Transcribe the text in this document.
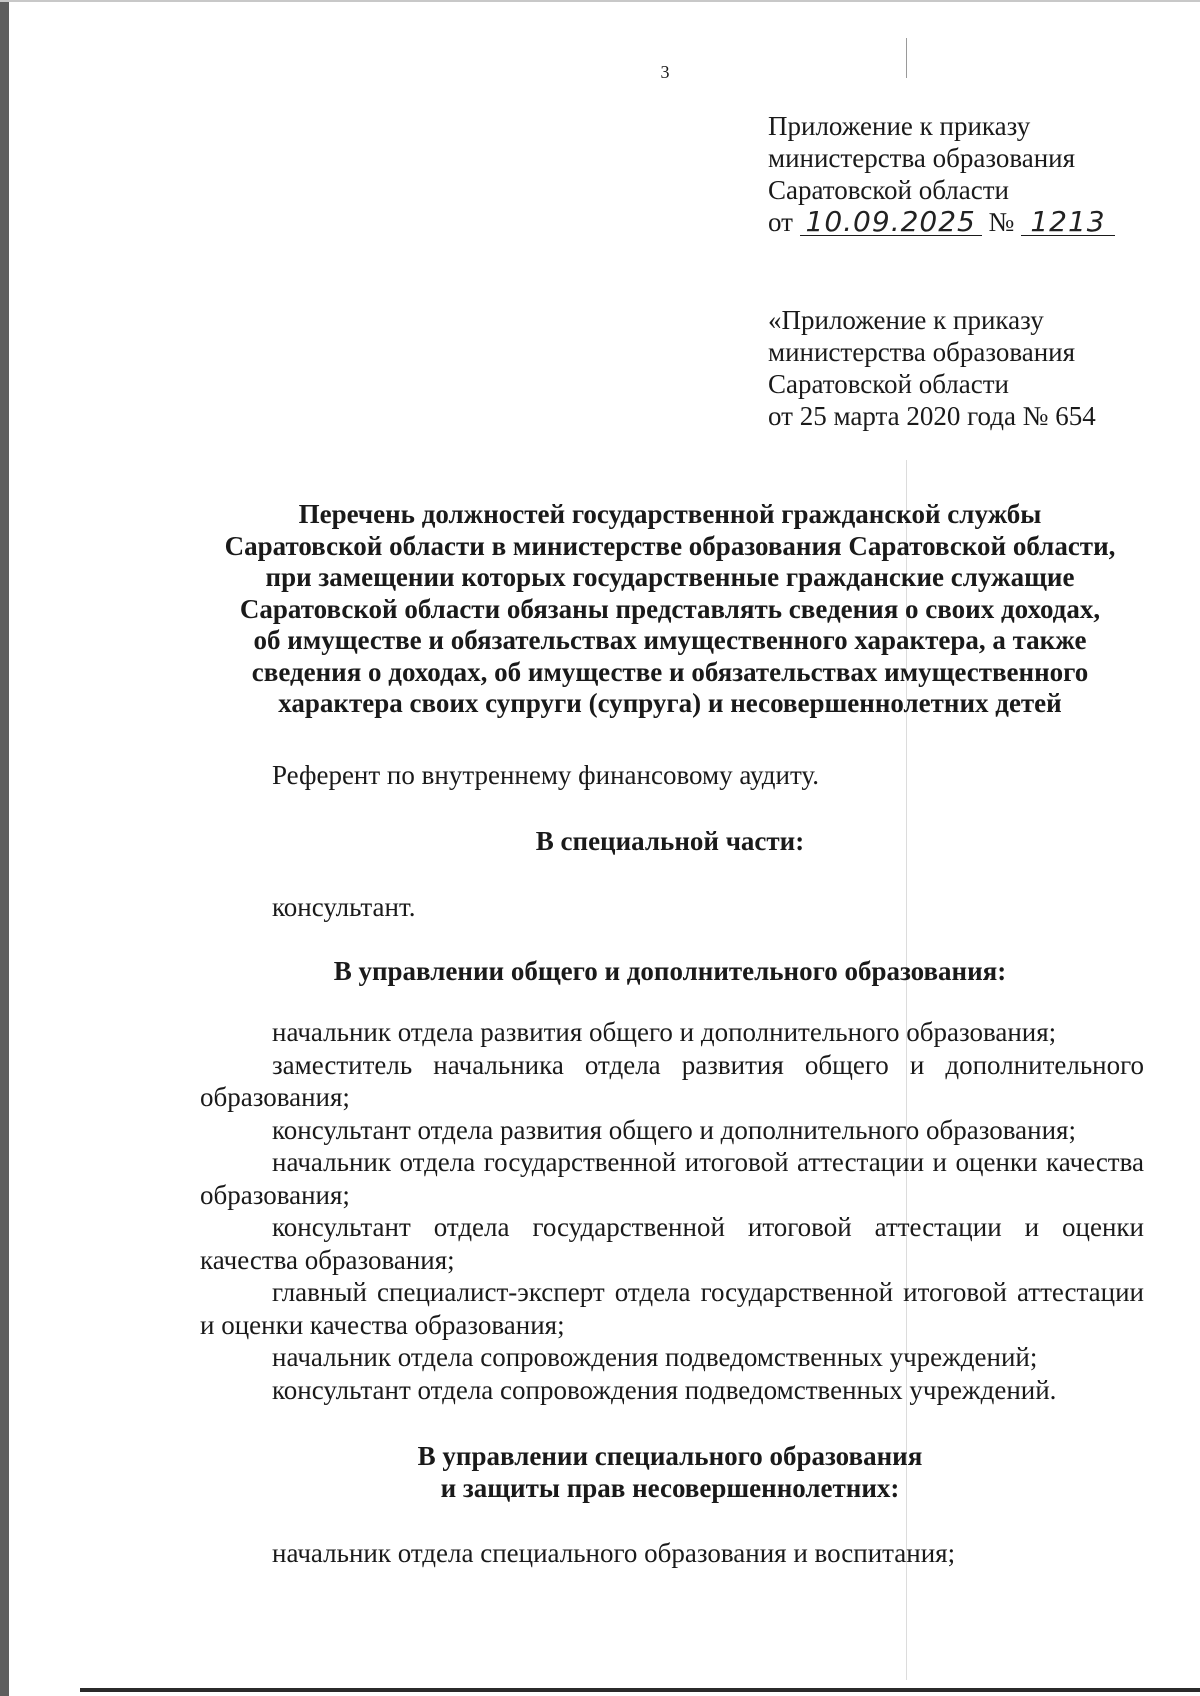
3
Приложение к приказу
министерства образования
Саратовской области
от 10.09.2025 № 1213
«Приложение к приказу
министерства образования
Саратовской области
от 25 марта 2020 года № 654
Перечень должностей государственной гражданской службы
Саратовской области в министерстве образования Саратовской области,
при замещении которых государственные гражданские служащие
Саратовской области обязаны представлять сведения о своих доходах,
об имуществе и обязательствах имущественного характера, а также
сведения о доходах, об имуществе и обязательствах имущественного
характера своих супруги (супруга) и несовершеннолетних детей
Референт по внутреннему финансовому аудиту.
В специальной части:
консультант.
В управлении общего и дополнительного образования:
начальник отдела развития общего и дополнительного образования;
заместитель начальника отдела развития общего и дополнительного образования;
консультант отдела развития общего и дополнительного образования;
начальник отдела государственной итоговой аттестации и оценки качества образования;
консультант отдела государственной итоговой аттестации и оценки качества образования;
главный специалист-эксперт отдела государственной итоговой аттестации и оценки качества образования;
начальник отдела сопровождения подведомственных учреждений;
консультант отдела сопровождения подведомственных учреждений.
В управлении специального образования
и защиты прав несовершеннолетних:
начальник отдела специального образования и воспитания;
